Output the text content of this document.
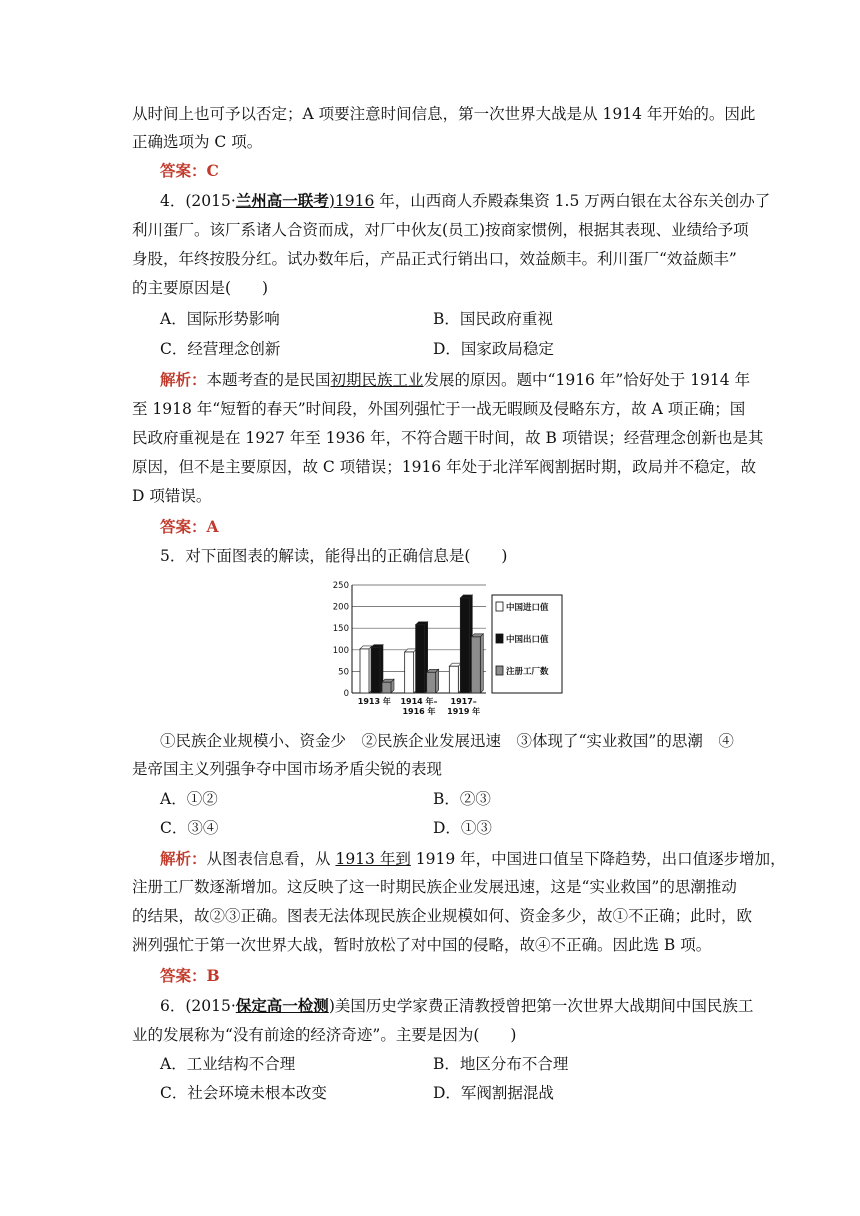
从时间上也可予以否定；A 项要注意时间信息，第一次世界大战是从 1914 年开始的。因此
正确选项为 C 项。
答案：C
4．(2015·兰州高一联考)1916 年，山西商人乔殿森集资 1.5 万两白银在太谷东关创办了
利川蛋厂。该厂系诸人合资而成，对厂中伙友(员工)按商家惯例，根据其表现、业绩给予项
身股，年终按股分红。试办数年后，产品正式行销出口，效益颇丰。利川蛋厂“效益颇丰”
的主要原因是(　　)
A．国际形势影响	B．国民政府重视
C．经营理念创新	D．国家政局稳定
解析：本题考查的是民国初期民族工业发展的原因。题中“1916 年”恰好处于 1914 年
至 1918 年“短暂的春天”时间段，外国列强忙于一战无暇顾及侵略东方，故 A 项正确；国
民政府重视是在 1927 年至 1936 年，不符合题干时间，故 B 项错误；经营理念创新也是其
原因，但不是主要原因，故 C 项错误；1916 年处于北洋军阀割据时期，政局并不稳定，故
D 项错误。
答案：A
5．对下面图表的解读，能得出的正确信息是(　　)
0
50
100
150
200
250
1913 年 1914 年–
1916 年
1917–
1919 年
中国进口值
中国出口值
注册工厂数
①民族企业规模小、资金少　②民族企业发展迅速　③体现了“实业救国”的思潮　④
是帝国主义列强争夺中国市场矛盾尖锐的表现
A．①②	B．②③
C．③④	D．①③
解析：从图表信息看，从 1913 年到 1919 年，中国进口值呈下降趋势，出口值逐步增加，
注册工厂数逐渐增加。这反映了这一时期民族企业发展迅速，这是“实业救国”的思潮推动
的结果，故②③正确。图表无法体现民族企业规模如何、资金多少，故①不正确；此时，欧
洲列强忙于第一次世界大战，暂时放松了对中国的侵略，故④不正确。因此选 B 项。
答案：B
6．(2015·保定高一检测)美国历史学家费正清教授曾把第一次世界大战期间中国民族工
业的发展称为“没有前途的经济奇迹”。主要是因为(　　)
A．工业结构不合理	B．地区分布不合理
C．社会环境未根本改变	D．军阀割据混战
